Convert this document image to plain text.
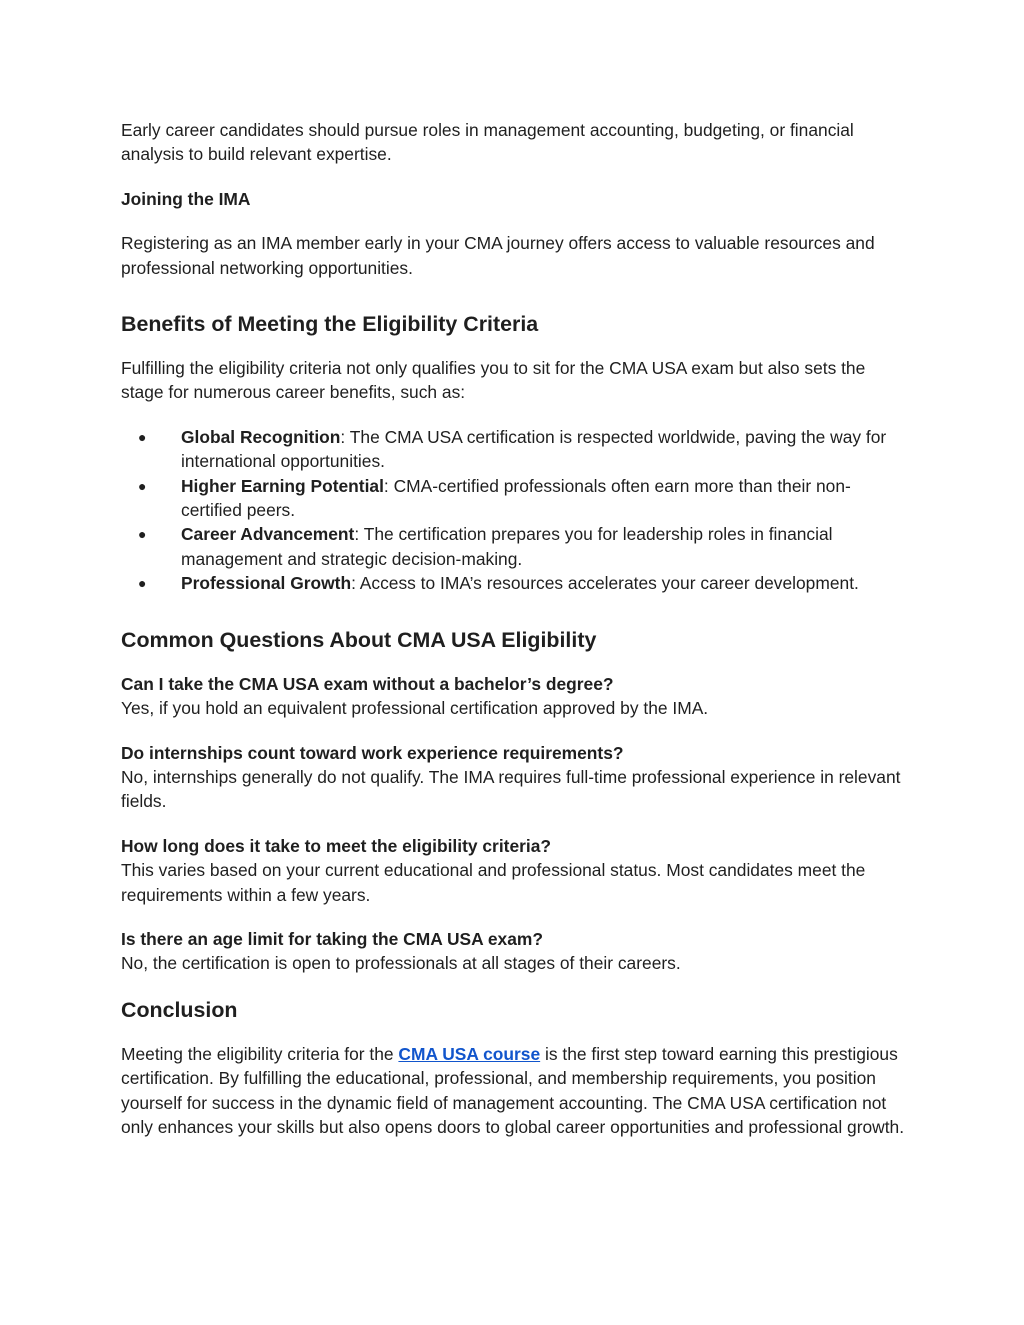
Early career candidates should pursue roles in management accounting, budgeting, or financial analysis to build relevant expertise.

Joining the IMA

Registering as an IMA member early in your CMA journey offers access to valuable resources and professional networking opportunities.

Benefits of Meeting the Eligibility Criteria

Fulfilling the eligibility criteria not only qualifies you to sit for the CMA USA exam but also sets the stage for numerous career benefits, such as:

● Global Recognition: The CMA USA certification is respected worldwide, paving the way for international opportunities.
● Higher Earning Potential: CMA-certified professionals often earn more than their non-certified peers.
● Career Advancement: The certification prepares you for leadership roles in financial management and strategic decision-making.
● Professional Growth: Access to IMA’s resources accelerates your career development.
Common Questions About CMA USA Eligibility

Can I take the CMA USA exam without a bachelor’s degree?

Yes, if you hold an equivalent professional certification approved by the IMA.

Do internships count toward work experience requirements?

No, internships generally do not qualify. The IMA requires full-time professional experience in relevant fields.

How long does it take to meet the eligibility criteria?

This varies based on your current educational and professional status. Most candidates meet the requirements within a few years.

Is there an age limit for taking the CMA USA exam?

No, the certification is open to professionals at all stages of their careers.

Conclusion

Meeting the eligibility criteria for the CMA USA course is the first step toward earning this prestigious certification. By fulfilling the educational, professional, and membership requirements, you position yourself for success in the dynamic field of management accounting. The CMA USA certification not only enhances your skills but also opens doors to global career opportunities and professional growth.
